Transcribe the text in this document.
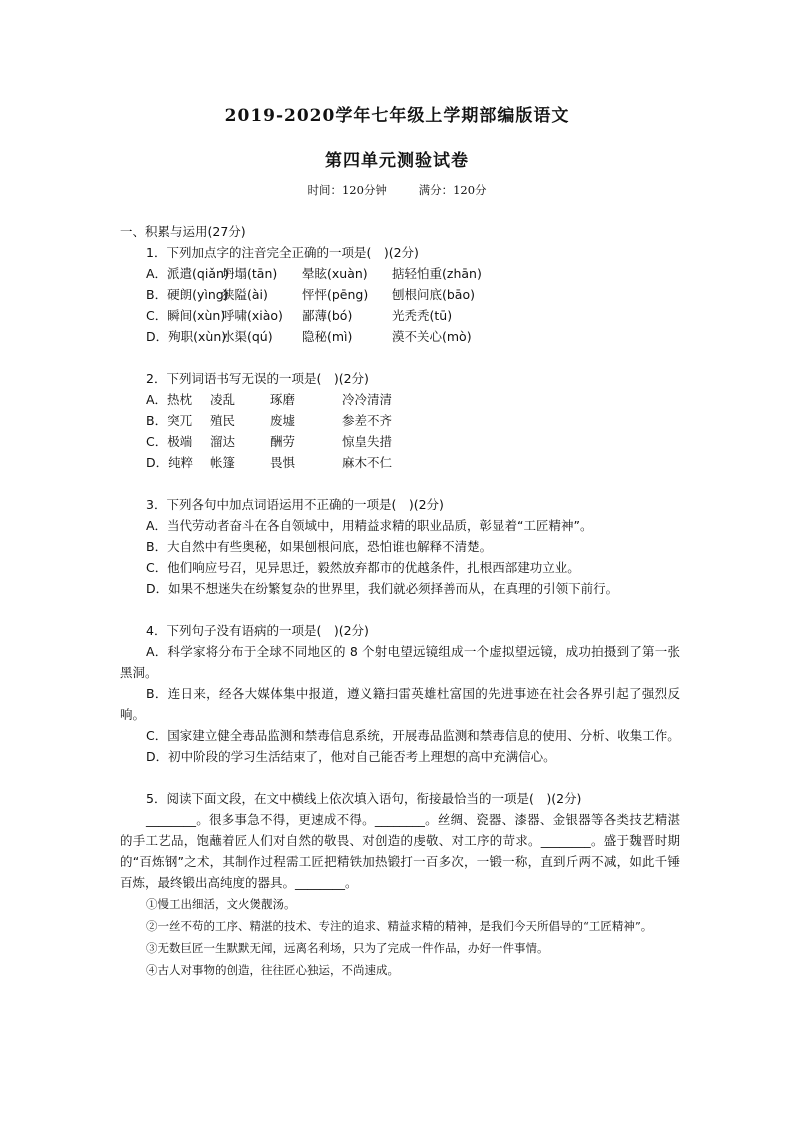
2019-2020学年七年级上学期部编版语文
第四单元测验试卷
时间：120分钟	满分：120分

一、积累与运用(27分)

1．下列加点字的注音完全正确的一项是(　)(2分)

A．派遣(qiǎn)坍塌(tān) 晕眩(xuàn) 掂轻怕重(zhān)

B．硬朗(yìng)狭隘(ài)	怦怦(pēng) 刨根问底(bāo)

C．瞬间(xùn)呼啸(xiào) 鄙薄(bó)	光秃秃(tū)

D．殉职(xùn)水渠(qú) 隐秘(mì)	漠不关心(mò)

2．下列词语书写无误的一项是(　)(2分)

A．热枕 凌乱	琢磨	冷冷清清

B．突兀 殖民	废墟	参差不齐

C．极端 溜达	酬劳	惊皇失措

D．纯粹 帐篷	畏惧	麻木不仁

3．下列各句中加点词语运用不正确的一项是(　)(2分)

A．当代劳动者奋斗在各自领域中，用精益求精的职业品质，彰显着“工匠精神”。

B．大自然中有些奥秘，如果刨根问底，恐怕谁也解释不清楚。

C．他们响应号召，见异思迁，毅然放弃都市的优越条件，扎根西部建功立业。

D．如果不想迷失在纷繁复杂的世界里，我们就必须择善而从，在真理的引领下前行。

4．下列句子没有语病的一项是(　)(2分)

A．科学家将分布于全球不同地区的 8 个射电望远镜组成一个虚拟望远镜，成功拍摄到了第一张黑洞。

B．连日来，经各大媒体集中报道，遵义籍扫雷英雄杜富国的先进事迹在社会各界引起了强烈反响。

C．国家建立健全毒品监测和禁毒信息系统，开展毒品监测和禁毒信息的使用、分析、收集工作。

D．初中阶段的学习生活结束了，他对自己能否考上理想的高中充满信心。

5．阅读下面文段，在文中横线上依次填入语句，衔接最恰当的一项是(　)(2分)

________。很多事急不得，更速成不得。________。丝绸、瓷器、漆器、金银器等各类技艺精湛的手工艺品，饱蘸着匠人们对自然的敬畏、对创造的虔敬、对工序的苛求。________。盛于魏晋时期的“百炼钢”之术，其制作过程需工匠把精铁加热锻打一百多次，一锻一称，直到斤两不减，如此千锤百炼，最终锻出高纯度的器具。________。

①慢工出细活，文火煲靓汤。

②一丝不苟的工序、精湛的技术、专注的追求、精益求精的精神，是我们今天所倡导的“工匠精神”。

③无数巨匠一生默默无闻，远离名利场，只为了完成一件作品，办好一件事情。

④古人对事物的创造，往往匠心独运，不尚速成。
